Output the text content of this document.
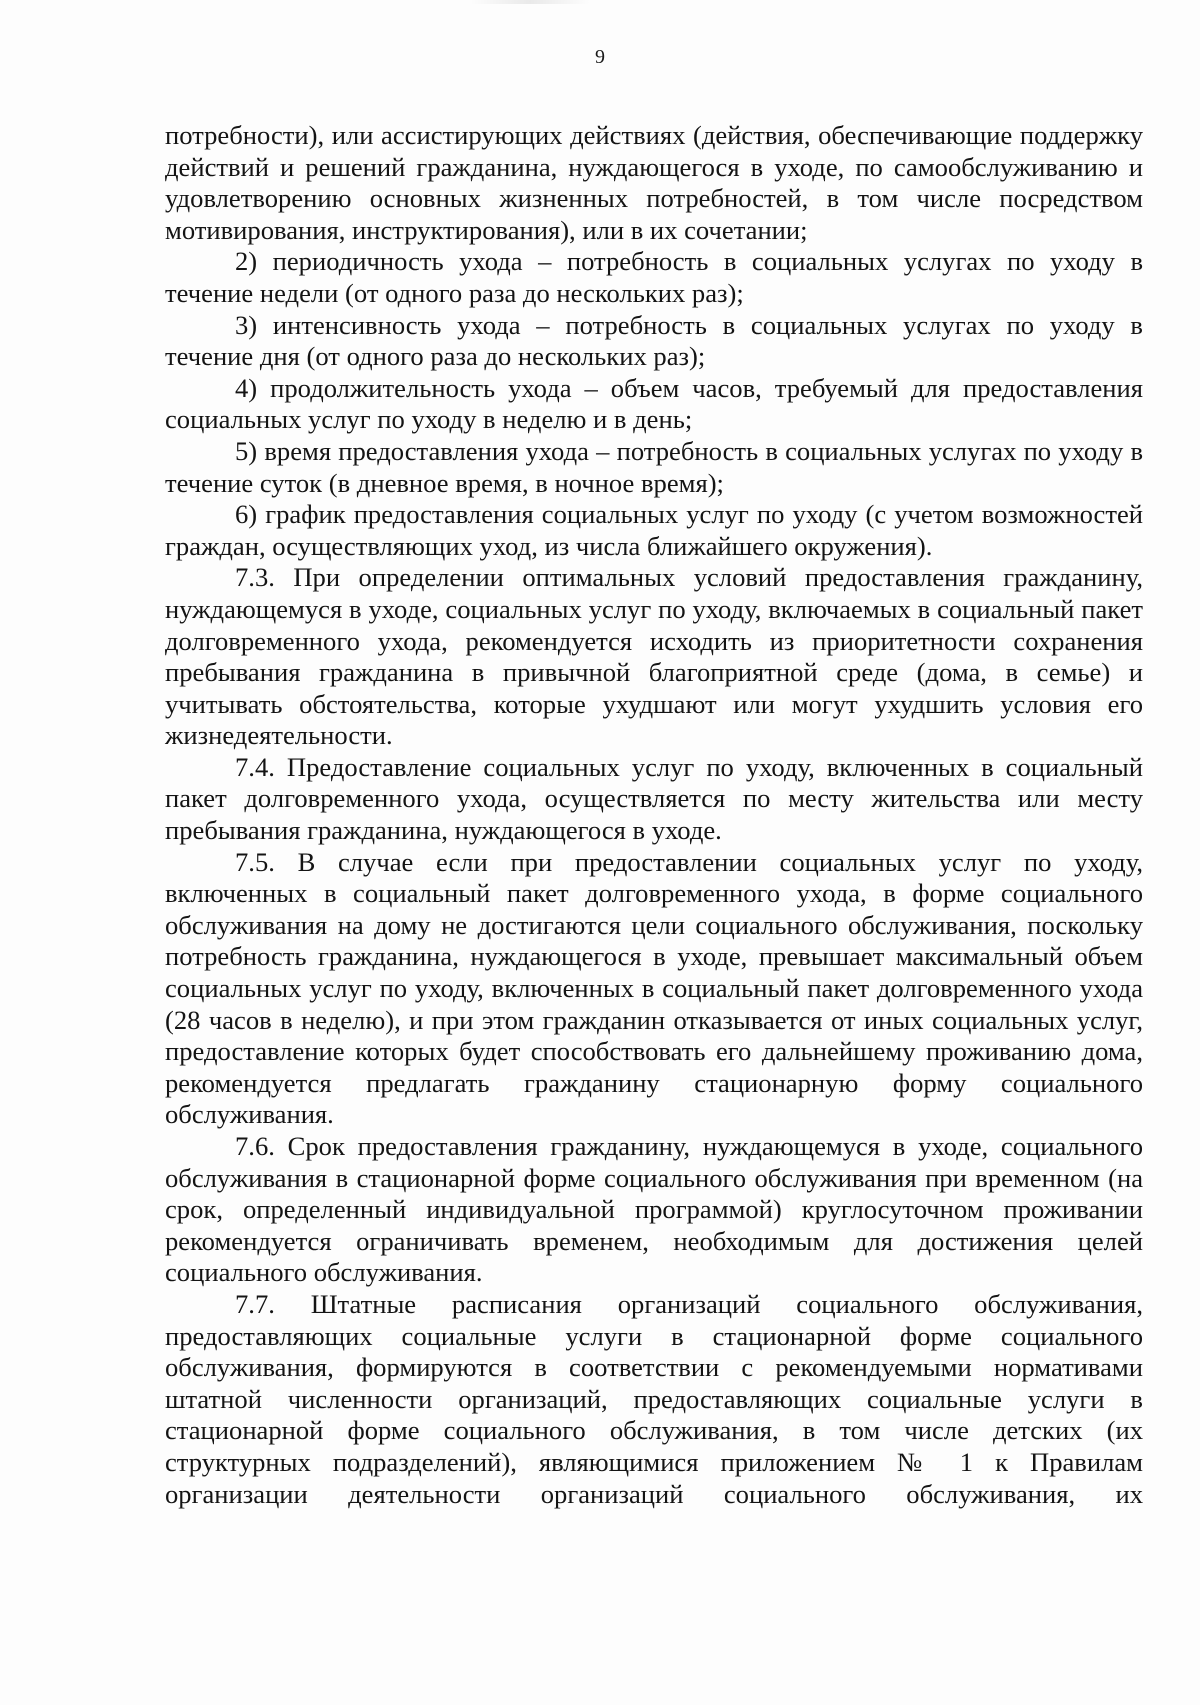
9

потребности), или ассистирующих действиях (действия, обеспечивающие поддержку действий и решений гражданина, нуждающегося в уходе, по самообслуживанию и удовлетворению основных жизненных потребностей, в том числе посредством мотивирования, инструктирования), или в их сочетании;

2) периодичность ухода – потребность в социальных услугах по уходу в течение недели (от одного раза до нескольких раз);

3) интенсивность ухода – потребность в социальных услугах по уходу в течение дня (от одного раза до нескольких раз);

4) продолжительность ухода – объем часов, требуемый для предоставления социальных услуг по уходу в неделю и в день;

5) время предоставления ухода – потребность в социальных услугах по уходу в течение суток (в дневное время, в ночное время);

6) график предоставления социальных услуг по уходу (с учетом возможностей граждан, осуществляющих уход, из числа ближайшего окружения).

7.3. При определении оптимальных условий предоставления гражданину, нуждающемуся в уходе, социальных услуг по уходу, включаемых в социальный пакет долговременного ухода, рекомендуется исходить из приоритетности сохранения пребывания гражданина в привычной благоприятной среде (дома, в семье) и учитывать обстоятельства, которые ухудшают или могут ухудшить условия его жизнедеятельности.

7.4. Предоставление социальных услуг по уходу, включенных в социальный пакет долговременного ухода, осуществляется по месту жительства или месту пребывания гражданина, нуждающегося в уходе.

7.5. В случае если при предоставлении социальных услуг по уходу, включенных в социальный пакет долговременного ухода, в форме социального обслуживания на дому не достигаются цели социального обслуживания, поскольку потребность гражданина, нуждающегося в уходе, превышает максимальный объем социальных услуг по уходу, включенных в социальный пакет долговременного ухода (28 часов в неделю), и при этом гражданин отказывается от иных социальных услуг, предоставление которых будет способствовать его дальнейшему проживанию дома, рекомендуется предлагать гражданину стационарную форму социального обслуживания.

7.6. Срок предоставления гражданину, нуждающемуся в уходе, социального обслуживания в стационарной форме социального обслуживания при временном (на срок, определенный индивидуальной программой) круглосуточном проживании рекомендуется ограничивать временем, необходимым для достижения целей социального обслуживания.

7.7. Штатные расписания организаций социального обслуживания, предоставляющих социальные услуги в стационарной форме социального обслуживания, формируются в соответствии с рекомендуемыми нормативами штатной численности организаций, предоставляющих социальные услуги в стационарной форме социального обслуживания, в том числе детских (их структурных подразделений), являющимися приложением № 1 к Правилам организации деятельности организаций социального обслуживания, их
